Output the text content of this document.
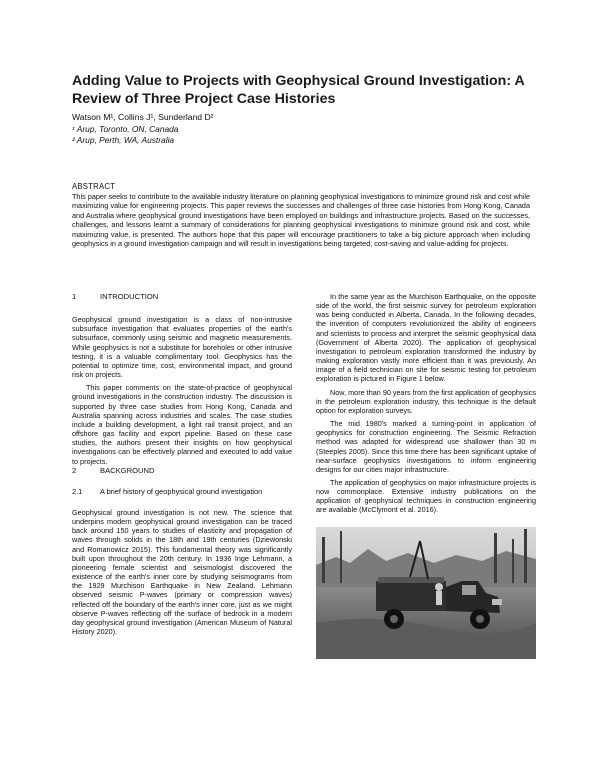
Adding Value to Projects with Geophysical Ground Investigation: A Review of Three Project Case Histories
Watson M¹, Collins J¹, Sunderland D²
¹ Arup, Toronto, ON, Canada
² Arup, Perth, WA, Australia
ABSTRACT

This paper seeks to contribute to the available industry literature on planning geophysical investigations to minimize ground risk and cost while maximizing value for engineering projects. This paper reviews the successes and challenges of three case histories from Hong Kong, Canada and Australia where geophysical ground investigations have been employed on buildings and infrastructure projects. Based on the successes, challenges, and lessons learnt a summary of considerations for planning geophysical investigations to minimize ground risk and cost, while maximizing value, is presented. The authors hope that this paper will encourage practitioners to take a big picture approach when including geophysics in a ground investigation campaign and will result in investigations being targeted, cost-saving and value-adding for projects.

1	INTRODUCTION

Geophysical ground investigation is a class of non-intrusive subsurface investigation that evaluates properties of the earth's subsurface, commonly using seismic and magnetic measurements. While geophysics is not a substitute for boreholes or other intrusive testing, it is a valuable complimentary tool. Geophysics has the potential to optimize time, cost, environmental impact, and ground risk on projects.

This paper comments on the state-of-practice of geophysical ground investigations in the construction industry. The discussion is supported by three case studies from Hong Kong, Canada and Australia spanning across industries and scales. The case studies include a building development, a light rail transit project, and an offshore gas facility and export pipeline. Based on these case studies, the authors present their insights on how geophysical investigations can be effectively planned and executed to add value to projects.

2	BACKGROUND
2.1	A brief history of geophysical ground investigation

Geophysical ground investigation is not new. The science that underpins modern geophysical ground investigation can be traced back around 150 years to studies of elasticity and propagation of waves through solids in the 18th and 19th centuries (Dziewonski and Romanowicz 2015). This fundamental theory was significantly built upon throughout the 20th century. In 1936 Inge Lehmann, a pioneering female scientist and seismologist discovered the existence of the earth's inner core by studying seismograms from the 1929 Murchison Earthquake in New Zealand. Lehmann observed seismic P-waves (primary or compression waves) reflected off the boundary of the earth's inner core, just as we might observe P-waves reflecting off the surface of bedrock in a modern day geophysical ground investigation (American Museum of Natural History 2020).

In the same year as the Murchison Earthquake, on the opposite side of the world, the first seismic survey for petroleum exploration was being conducted in Alberta, Canada. In the following decades, the invention of computers revolutionized the ability of engineers and scientists to process and interpret the seismic geophysical data (Government of Alberta 2020). The application of geophysical investigation to petroleum exploration transformed the industry by making exploration vastly more efficient than it was previously. An image of a field technician on site for seismic testing for petroleum exploration is pictured in Figure 1 below.

Now, more than 90 years from the first application of geophysics in the petroleum exploration industry, this technique is the default option for exploration surveys.

The mid 1980's marked a turning-point in application of geophysics for construction engineering. The Seismic Refraction method was adapted for widespread use shallower than 30 m (Steeples 2005). Since this time there has been significant uptake of near-surface geophysics investigations to inform engineering designs for our cities major infrastructure.

The application of geophysics on major infrastructure projects is now commonplace. Extensive industry publications on the application of geophysical techniques in construction engineering are available (McClymont et al. 2016).
